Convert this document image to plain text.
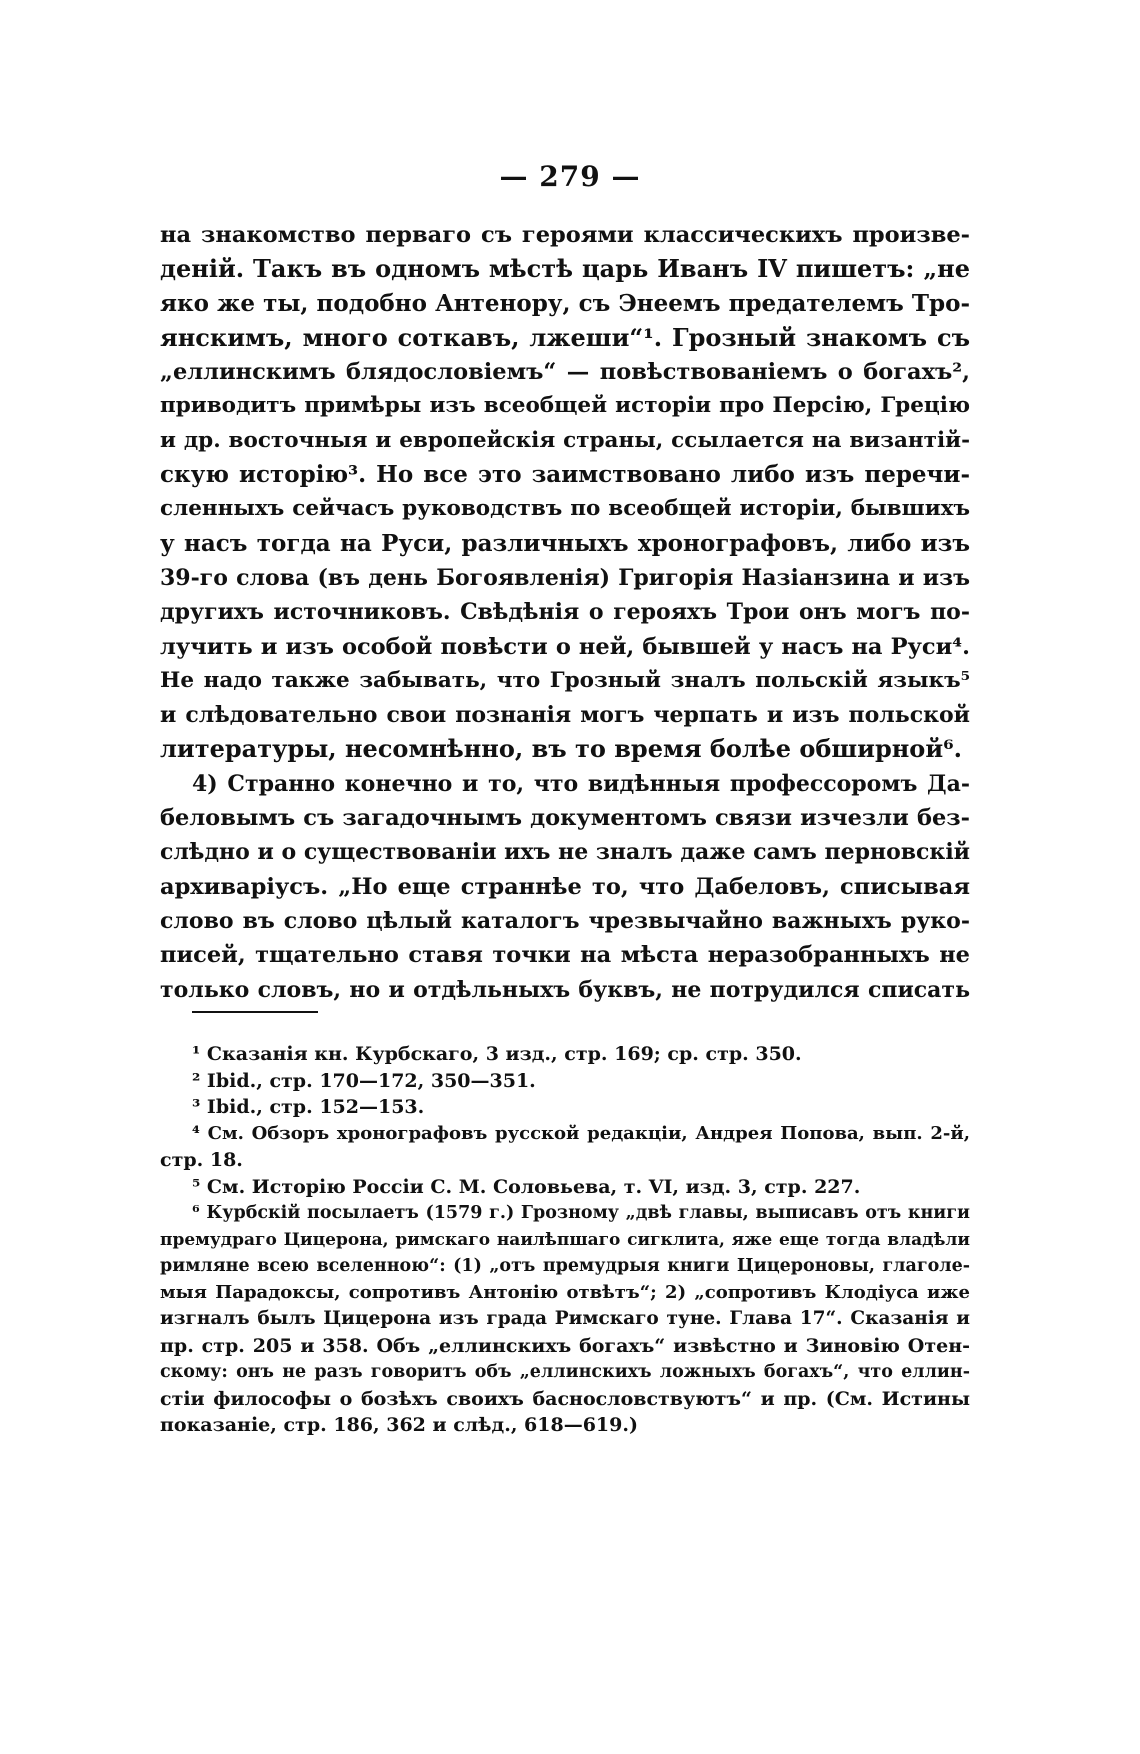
— 279 —
на знакомство перваго съ героями классическихъ произве-
деній. Такъ въ одномъ мѣстѣ царь Иванъ IV пишетъ: „не
яко же ты, подобно Антенору, съ Энеемъ предателемъ Тро-
янскимъ, много соткавъ, лжеши“¹. Грозный знакомъ съ
„еллинскимъ блядословіемъ“ — повѣствованіемъ о богахъ²,
приводитъ примѣры изъ всеобщей исторіи про Персію, Грецію
и др. восточныя и европейскія страны, ссылается на византій-
скую исторію³. Но все это заимствовано либо изъ перечи-
сленныхъ сейчасъ руководствъ по всеобщей исторіи, бывшихъ
у насъ тогда на Руси, различныхъ хронографовъ, либо изъ
39-го слова (въ день Богоявленія) Григорія Назіанзина и изъ
другихъ источниковъ. Свѣдѣнія о герояхъ Трои онъ могъ по-
лучить и изъ особой повѣсти о ней, бывшей у насъ на Руси⁴.
Не надо также забывать, что Грозный зналъ польскій языкъ⁵
и слѣдовательно свои познанія могъ черпать и изъ польской
литературы, несомнѣнно, въ то время болѣе обширной⁶.
4) Странно конечно и то, что видѣнныя профессоромъ Да-
беловымъ съ загадочнымъ документомъ связи изчезли без-
слѣдно и о существованіи ихъ не зналъ даже самъ перновскій
архиваріусъ. „Но еще страннѣе то, что Дабеловъ, списывая
слово въ слово цѣлый каталогъ чрезвычайно важныхъ руко-
писей, тщательно ставя точки на мѣста неразобранныхъ не
только словъ, но и отдѣльныхъ буквъ, не потрудился списать
¹ Сказанія кн. Курбскаго, 3 изд., стр. 169; ср. стр. 350.
² Ibid., стр. 170—172, 350—351.
³ Ibid., стр. 152—153.
⁴ См. Обзоръ хронографовъ русской редакціи, Андрея Попова, вып. 2-й,
стр. 18.
⁵ См. Исторію Россіи С. М. Соловьева, т. VI, изд. 3, стр. 227.
⁶ Курбскій посылаетъ (1579 г.) Грозному „двѣ главы, выписавъ отъ книги
премудраго Цицерона, римскаго наилѣпшаго сигклита, яже еще тогда владѣли
римляне всею вселенною“: (1) „отъ премудрыя книги Цицероновы, глаголе-
мыя Парадоксы, сопротивъ Антонію отвѣтъ“; 2) „сопротивъ Клодіуса иже
изгналъ былъ Цицерона изъ града Римскаго туне. Глава 17“. Сказанія и
пр. стр. 205 и 358. Объ „еллинскихъ богахъ“ извѣстно и Зиновію Отен-
скому: онъ не разъ говоритъ объ „еллинскихъ ложныхъ богахъ“, что еллин-
стіи философы о бозѣхъ своихъ баснословствуютъ“ и пр. (См. Истины
показаніе, стр. 186, 362 и слѣд., 618—619.)
